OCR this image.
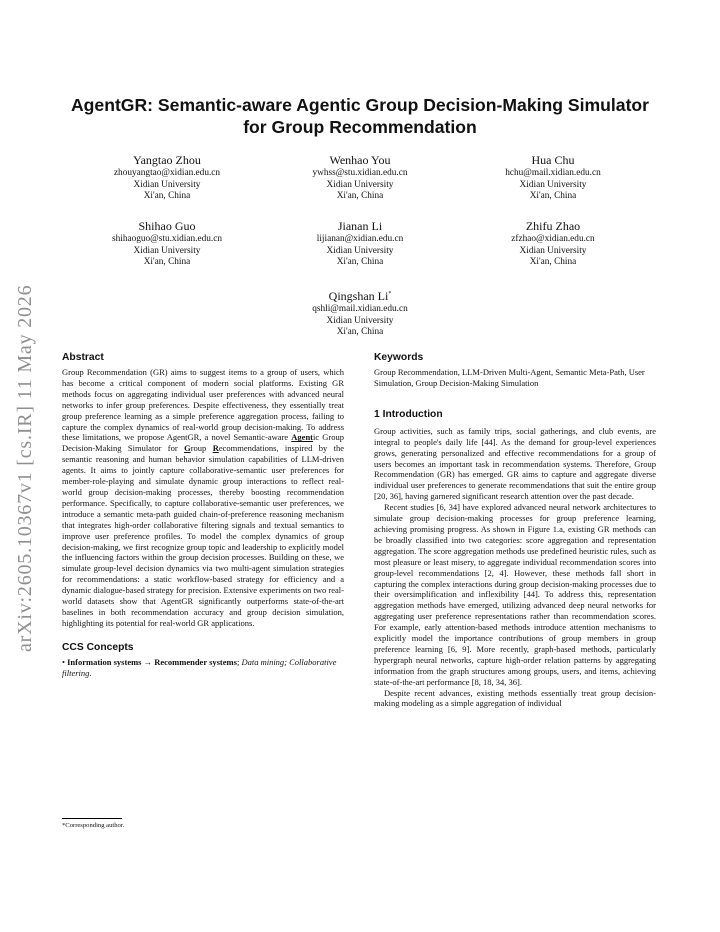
arXiv:2605.10367v1 [cs.IR] 11 May 2026
AgentGR: Semantic-aware Agentic Group Decision-Making Simulator for Group Recommendation
Yangtao Zhou
zhouyangtao@xidian.edu.cn
Xidian University
Xi'an, China
Wenhao You
ywhss@stu.xidian.edu.cn
Xidian University
Xi'an, China
Hua Chu
hchu@mail.xidian.edu.cn
Xidian University
Xi'an, China
Shihao Guo
shihaoguo@stu.xidian.edu.cn
Xidian University
Xi'an, China
Jianan Li
lijianan@xidian.edu.cn
Xidian University
Xi'an, China
Zhifu Zhao
zfzhao@xidian.edu.cn
Xidian University
Xi'an, China
Qingshan Li*
qshli@mail.xidian.edu.cn
Xidian University
Xi'an, China
Abstract

Group Recommendation (GR) aims to suggest items to a group of users, which has become a critical component of modern social platforms. Existing GR methods focus on aggregating individual user preferences with advanced neural networks to infer group preferences. Despite effectiveness, they essentially treat group preference learning as a simple preference aggregation process, failing to capture the complex dynamics of real-world group decision-making. To address these limitations, we propose AgentGR, a novel Semantic-aware Agentic Group Decision-Making Simulator for Group Recommendations, inspired by the semantic reasoning and human behavior simulation capabilities of LLM-driven agents. It aims to jointly capture collaborative-semantic user preferences for member-role-playing and simulate dynamic group interactions to reflect real-world group decision-making processes, thereby boosting recommendation performance. Specifically, to capture collaborative-semantic user preferences, we introduce a semantic meta-path guided chain-of-preference reasoning mechanism that integrates high-order collaborative filtering signals and textual semantics to improve user preference profiles. To model the complex dynamics of group decision-making, we first recognize group topic and leadership to explicitly model the influencing factors within the group decision processes. Building on these, we simulate group-level decision dynamics via two multi-agent simulation strategies for recommendations: a static workflow-based strategy for efficiency and a dynamic dialogue-based strategy for precision. Extensive experiments on two real-world datasets show that AgentGR significantly outperforms state-of-the-art baselines in both recommendation accuracy and group decision simulation, highlighting its potential for real-world GR applications.

CCS Concepts

• Information systems → Recommender systems; Data mining; Collaborative filtering.

*Corresponding author.
Keywords

Group Recommendation, LLM-Driven Multi-Agent, Semantic Meta-Path, User Simulation, Group Decision-Making Simulation

1 Introduction

Group activities, such as family trips, social gatherings, and club events, are integral to people's daily life [44]. As the demand for group-level experiences grows, generating personalized and effective recommendations for a group of users becomes an important task in recommendation systems. Therefore, Group Recommendation (GR) has emerged. GR aims to capture and aggregate diverse individual user preferences to generate recommendations that suit the entire group [20, 36], having garnered significant research attention over the past decade.

Recent studies [6, 34] have explored advanced neural network architectures to simulate group decision-making processes for group preference learning, achieving promising progress. As shown in Figure 1.a, existing GR methods can be broadly classified into two categories: score aggregation and representation aggregation. The score aggregation methods use predefined heuristic rules, such as most pleasure or least misery, to aggregate individual recommendation scores into group-level recommendations [2, 4]. However, these methods fall short in capturing the complex interactions during group decision-making processes due to their oversimplification and inflexibility [44]. To address this, representation aggregation methods have emerged, utilizing advanced deep neural networks for aggregating user preference representations rather than recommendation scores. For example, early attention-based methods introduce attention mechanisms to explicitly model the importance contributions of group members in group preference learning [6, 9]. More recently, graph-based methods, particularly hypergraph neural networks, capture high-order relation patterns by aggregating information from the graph structures among groups, users, and items, achieving state-of-the-art performance [8, 18, 34, 36].

Despite recent advances, existing methods essentially treat group decision-making modeling as a simple aggregation of individual
